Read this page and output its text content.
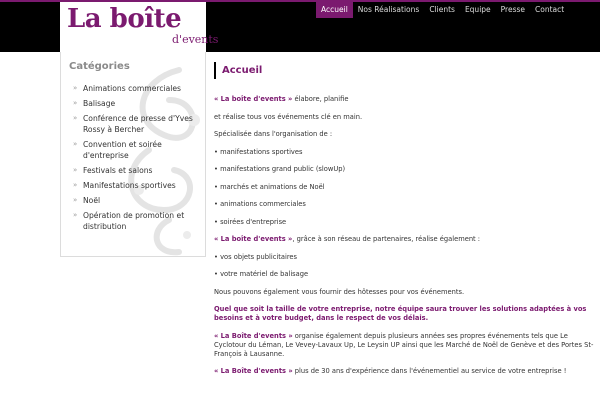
La boîte
d'events
Accueil	Nos Réalisations	Clients	Equipe	Presse	Contact
Catégories
» Animations commerciales
» Balisage
» Conférence de presse d'Yves Rossy à Bercher
» Convention et soirée d'entreprise
» Festivals et salons
» Manifestations sportives
» Noël
» Opération de promotion et distribution
Accueil

« La boîte d'events » élabore, planifie

et réalise tous vos événements clé en main.

Spécialisée dans l'organisation de :

• manifestations sportives

• manifestations grand public (slowUp)

• marchés et animations de Noël

• animations commerciales

• soirées d'entreprise

« La boîte d'events », grâce à son réseau de partenaires, réalise également :

• vos objets publicitaires

• votre matériel de balisage

Nous pouvons également vous fournir des hôtesses pour vos événements.

Quel que soit la taille de votre entreprise, notre équipe saura trouver les solutions adaptées à vos besoins et à votre budget, dans le respect de vos délais.

« La Boîte d'events » organise également depuis plusieurs années ses propres événements tels que Le Cyclotour du Léman, Le Vevey-Lavaux Up, Le Leysin UP ainsi que les Marché de Noël de Genève et des Portes St-François à Lausanne.

« La Boîte d'events » plus de 30 ans d'expérience dans l'événementiel au service de votre entreprise !
